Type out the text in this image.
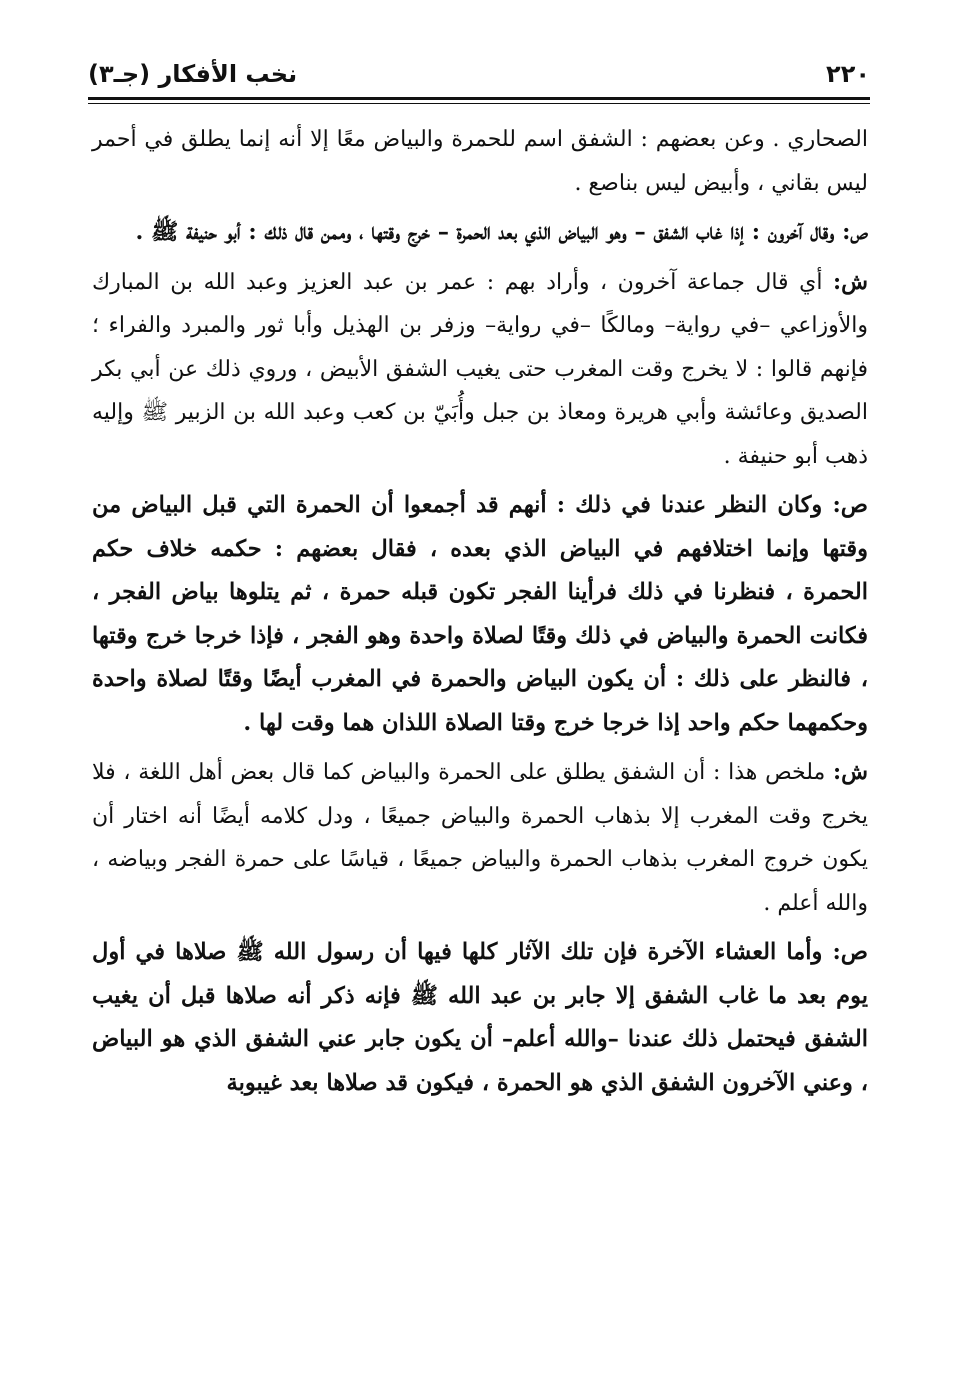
نخب الأفكار (جـ٣)	٢٢٠

الصحاري . وعن بعضهم : الشفق اسم للحمرة والبياض معًا إلا أنه إنما يطلق في أحمر ليس بقاني ، وأبيض ليس بناصع .

ص: وقال آخرون : إذا غاب الشفق – وهو البياض الذي بعد الحمرة – خرج وقتها ، وممن قال ذلك : أبو حنيفة ﷺ .

ش: أي قال جماعة آخرون ، وأراد بهم : عمر بن عبد العزيز وعبد الله بن المبارك والأوزاعي –في رواية– ومالكًا –في رواية– وزفر بن الهذيل وأبا ثور والمبرد والفراء ؛ فإنهم قالوا : لا يخرج وقت المغرب حتى يغيب الشفق الأبيض ، وروي ذلك عن أبي بكر الصديق وعائشة وأبي هريرة ومعاذ بن جبل وأُبَيّ بن كعب وعبد الله بن الزبير ﷺ وإليه ذهب أبو حنيفة .

ص: وكان النظر عندنا في ذلك : أنهم قد أجمعوا أن الحمرة التي قبل البياض من وقتها وإنما اختلافهم في البياض الذي بعده ، فقال بعضهم : حكمه خلاف حكم الحمرة ، فنظرنا في ذلك فرأينا الفجر تكون قبله حمرة ، ثم يتلوها بياض الفجر ، فكانت الحمرة والبياض في ذلك وقتًا لصلاة واحدة وهو الفجر ، فإذا خرجا خرج وقتها ، فالنظر على ذلك : أن يكون البياض والحمرة في المغرب أيضًا وقتًا لصلاة واحدة وحكمهما حكم واحد إذا خرجا خرج وقتا الصلاة اللذان هما وقت لها .

ش: ملخص هذا : أن الشفق يطلق على الحمرة والبياض كما قال بعض أهل اللغة ، فلا يخرج وقت المغرب إلا بذهاب الحمرة والبياض جميعًا ، ودل كلامه أيضًا أنه اختار أن يكون خروج المغرب بذهاب الحمرة والبياض جميعًا ، قياسًا على حمرة الفجر وبياضه ، والله أعلم .

ص: وأما العشاء الآخرة فإن تلك الآثار كلها فيها أن رسول الله ﷺ صلاها في أول يوم بعد ما غاب الشفق إلا جابر بن عبد الله ﷺ فإنه ذكر أنه صلاها قبل أن يغيب الشفق فيحتمل ذلك عندنا –والله أعلم– أن يكون جابر عني الشفق الذي هو البياض ، وعني الآخرون الشفق الذي هو الحمرة ، فيكون قد صلاها بعد غيبوبة
